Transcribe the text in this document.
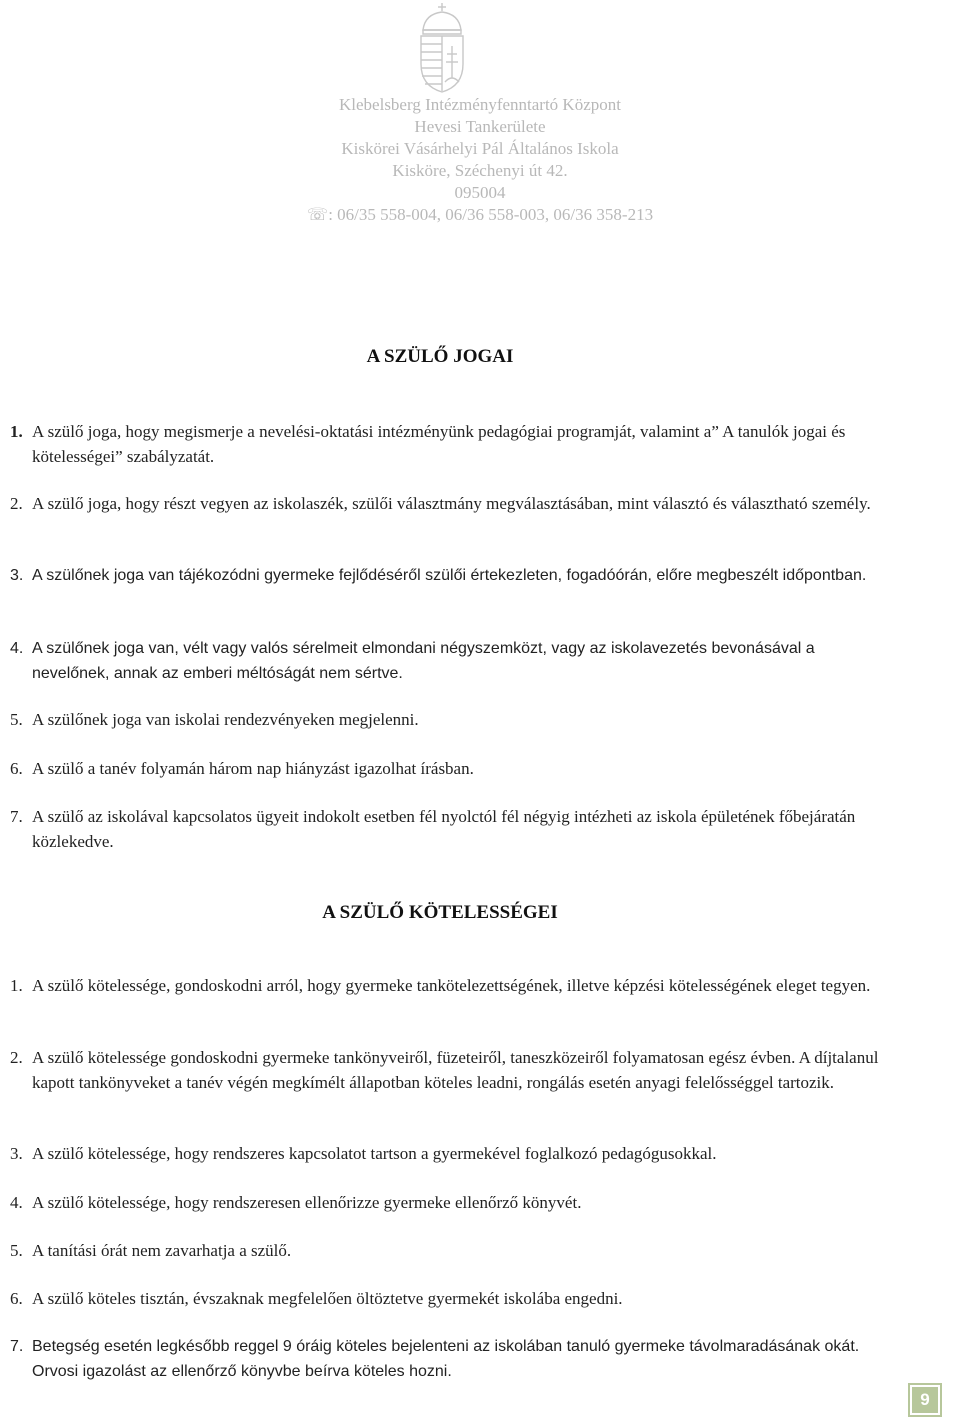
Klebelsberg Intézményfenntartó Központ
Hevesi Tankerülete
Kiskörei Vásárhelyi Pál Általános Iskola
Kisköre, Széchenyi út 42.
095004
☏: 06/35 558-004, 06/36 558-003, 06/36 358-213
A SZÜLŐ JOGAI
1. A szülő joga, hogy megismerje a nevelési-oktatási intézményünk pedagógiai programját, valamint a” A tanulók jogai és kötelességei” szabályzatát.
2. A szülő joga, hogy részt vegyen az iskolaszék, szülői választmány megválasztásában, mint választó és választható személy.
3. A szülőnek joga van tájékozódni gyermeke fejlődéséről szülői értekezleten, fogadóórán, előre megbeszélt időpontban.
4. A szülőnek joga van, vélt vagy valós sérelmeit elmondani négyszemközt, vagy az iskolavezetés bevonásával a nevelőnek, annak az emberi méltóságát nem sértve.
5. A szülőnek joga van iskolai rendezvényeken megjelenni.
6. A szülő a tanév folyamán három nap hiányzást igazolhat írásban.
7. A szülő az iskolával kapcsolatos ügyeit indokolt esetben fél nyolctól fél négyig intézheti az iskola épületének főbejáratán közlekedve.
A SZÜLŐ KÖTELESSÉGEI
1. A szülő kötelessége, gondoskodni arról, hogy gyermeke tankötelezettségének, illetve képzési kötelességének eleget tegyen.
2. A szülő kötelessége gondoskodni gyermeke tankönyveiről, füzeteiről, taneszközeiről folyamatosan egész évben. A díjtalanul kapott tankönyveket a tanév végén megkímélt állapotban köteles leadni, rongálás esetén anyagi felelősséggel tartozik.
3. A szülő kötelessége, hogy rendszeres kapcsolatot tartson a gyermekével foglalkozó pedagógusokkal.
4. A szülő kötelessége, hogy rendszeresen ellenőrizze gyermeke ellenőrző könyvét.
5. A tanítási órát nem zavarhatja a szülő.
6. A szülő köteles tisztán, évszaknak megfelelően öltöztetve gyermekét iskolába engedni.
7. Betegség esetén legkésőbb reggel 9 óráig köteles bejelenteni az iskolában tanuló gyermeke távolmaradásának okát. Orvosi igazolást az ellenőrző könyvbe beírva köteles hozni.
9
